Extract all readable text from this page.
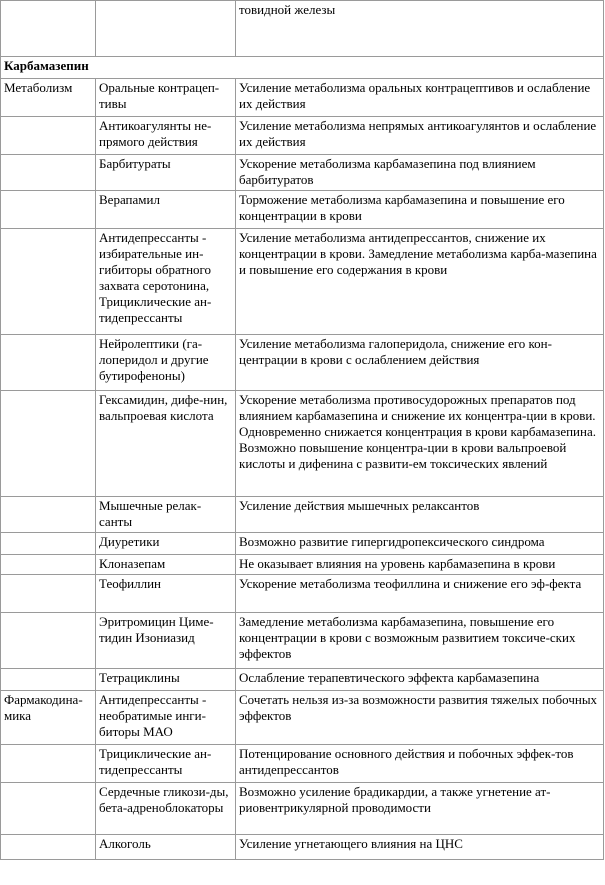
		товидной железы
Карбамазепин		
Метаболизм	Оральные контрацеп-тивы	Усиление метаболизма оральных контрацептивов и ослабление их действия
	Антикоагулянты не-прямого действия	Усиление метаболизма непрямых антикоагулянтов и ослабление их действия
	Барбитураты	Ускорение метаболизма карбамазепина под влиянием барбитуратов
	Верапамил	Торможение метаболизма карбамазепина и повышение его концентрации в крови
	Антидепрессанты - избирательные ин-гибиторы обратного захвата серотонина, Трициклические ан-тидепрессанты	Усиление метаболизма антидепрессантов, снижение их концентрации в крови. Замедление метаболизма карба-мазепина и повышение его содержания в крови
	Нейролептики (га-лоперидол и другие бутирофеноны)	Усиление метаболизма галоперидола, снижение его кон-центрации в крови с ослаблением действия
	Гексамидин, дифе-нин, вальпроевая кислота	Ускорение метаболизма противосудорожных препаратов под влиянием карбамазепина и снижение их концентра-ции в крови. Одновременно снижается концентрация в крови карбамазепина. Возможно повышение концентра-ции в крови вальпроевой кислоты и дифенина с развити-ем токсических явлений
	Мышечные релак-санты	Усиление действия мышечных релаксантов
	Диуретики	Возможно развитие гипергидропексического синдрома
	Клоназепам	Не оказывает влияния на уровень карбамазепина в крови
	Теофиллин	Ускорение метаболизма теофиллина и снижение его эф-фекта
	Эритромицин Циме-тидин Изониазид	Замедление метаболизма карбамазепина, повышение его концентрации в крови с возможным развитием токсиче-ских эффектов
	Тетрациклины	Ослабление терапевтического эффекта карбамазепина
Фармакодина-мика	Антидепрессанты - необратимые инги-биторы МАО	Сочетать нельзя из-за возможности развития тяжелых побочных эффектов
	Трициклические ан-тидепрессанты	Потенцирование основного действия и побочных эффек-тов антидепрессантов
	Сердечные гликози-ды, бета-адреноблокаторы	Возможно усиление брадикардии, а также угнетение ат-риовентрикулярной проводимости
	Алкоголь	Усиление угнетающего влияния на ЦНС
